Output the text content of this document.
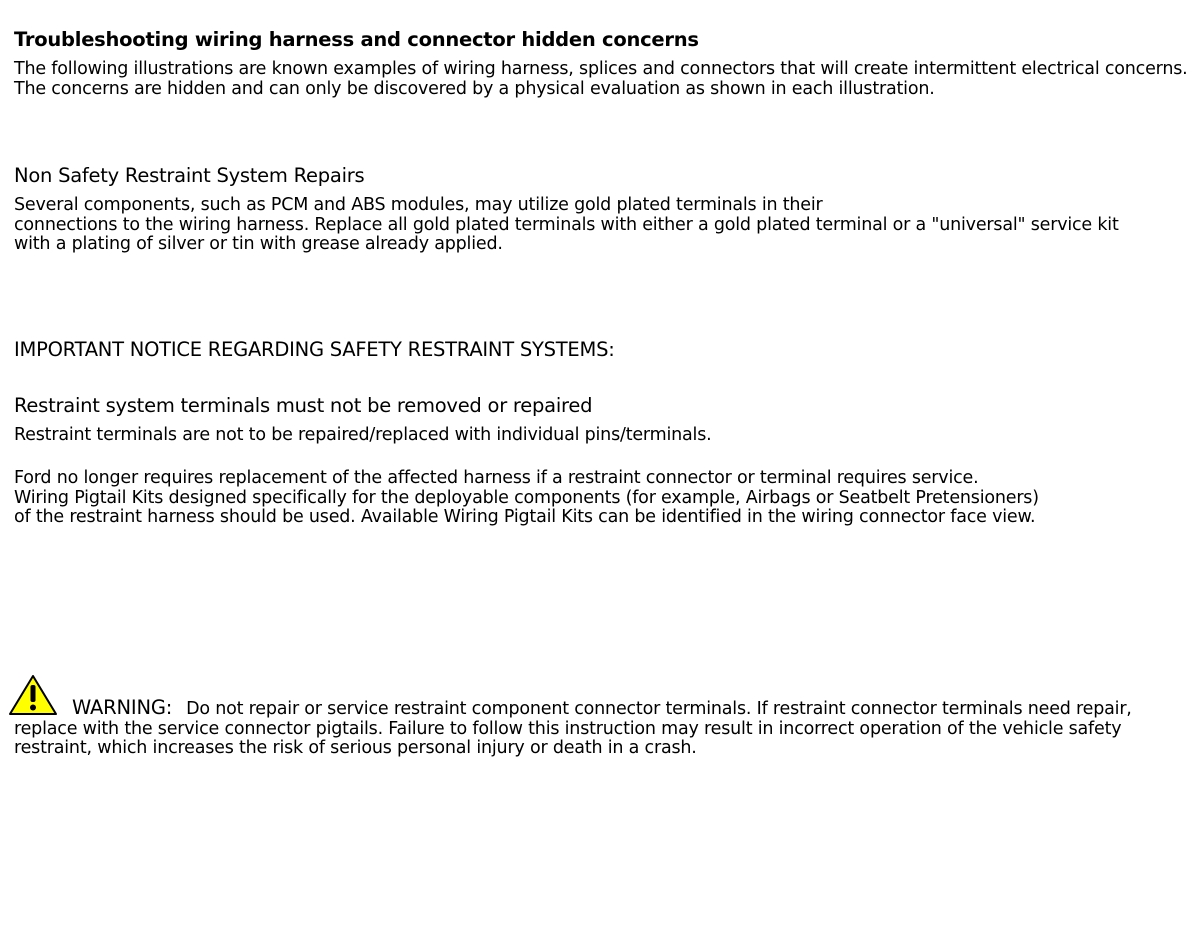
Troubleshooting wiring harness and connector hidden concerns
The following illustrations are known examples of wiring harness, splices and connectors that will create intermittent electrical concerns.
The concerns are hidden and can only be discovered by a physical evaluation as shown in each illustration.
Non Safety Restraint System Repairs
Several components, such as PCM and ABS modules, may utilize gold plated terminals in their
connections to the wiring harness. Replace all gold plated terminals with either a gold plated terminal or a "universal" service kit
with a plating of silver or tin with grease already applied.
IMPORTANT NOTICE REGARDING SAFETY RESTRAINT SYSTEMS:
Restraint system terminals must not be removed or repaired
Restraint terminals are not to be repaired/replaced with individual pins/terminals.
Ford no longer requires replacement of the affected harness if a restraint connector or terminal requires service.
Wiring Pigtail Kits designed specifically for the deployable components (for example, Airbags or Seatbelt Pretensioners)
of the restraint harness should be used. Available Wiring Pigtail Kits can be identified in the wiring connector face view.
WARNING: Do not repair or service restraint component connector terminals. If restraint connector terminals need repair,
replace with the service connector pigtails. Failure to follow this instruction may result in incorrect operation of the vehicle safety
restraint, which increases the risk of serious personal injury or death in a crash.
